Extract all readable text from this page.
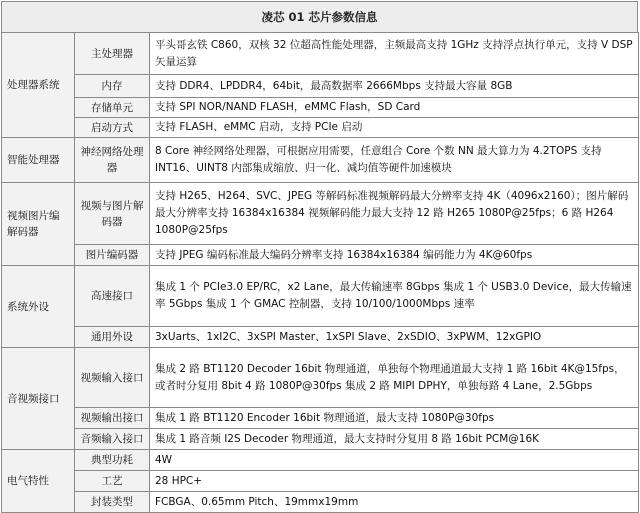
凌芯 01 芯片参数信息
处理器系统	主处理器	平头哥玄铁 C860，双核 32 位超高性能处理器，主频最高支持 1GHz 支持浮点执行单元，支持 V DSP 矢量运算
	内存	支持 DDR4、LPDDR4，64bit，最高数据率 2666Mbps 支持最大容量 8GB
	存储单元	支持 SPI NOR/NAND FLASH，eMMC Flash，SD Card
	启动方式	支持 FLASH、eMMC 启动，支持 PCIe 启动
智能处理器	神经网络处理器	8 Core 神经网络处理器，可根据应用需要，任意组合 Core 个数 NN 最大算力为 4.2TOPS 支持 INT16、UINT8 内部集成缩放、归一化、减均值等硬件加速模块
视频图片编解码器	视频与图片解码器	支持 H265、H264、SVC、JPEG 等解码标准视频解码最大分辨率支持 4K（4096x2160）；图片解码最大分辨率支持 16384x16384 视频解码能力最大支持 12 路 H265 1080P@25fps；6 路 H264 1080P@25fps
	图片编码器	支持 JPEG 编码标准最大编码分辨率支持 16384x16384 编码能力为 4K@60fps
系统外设	高速接口	集成 1 个 PCIe3.0 EP/RC，x2 Lane，最大传输速率 8Gbps 集成 1 个 USB3.0 Device，最大传输速率 5Gbps 集成 1 个 GMAC 控制器，支持 10/100/1000Mbps 速率
	通用外设	3xUarts、1xI2C、3xSPI Master、1xSPI Slave、2xSDIO、3xPWM、12xGPIO
音视频接口	视频输入接口	集成 2 路 BT1120 Decoder 16bit 物理通道，单独每个物理通道最大支持 1 路 16bit 4K@15fps，或者时分复用 8bit 4 路 1080P@30fps 集成 2 路 MIPI DPHY，单独每路 4 Lane，2.5Gbps
	视频输出接口	集成 1 路 BT1120 Encoder 16bit 物理通道，最大支持 1080P@30fps
	音频输入接口	集成 1 路音频 I2S Decoder 物理通道，最大支持时分复用 8 路 16bit PCM@16K
电气特性	典型功耗	4W
	工艺	28 HPC+
	封装类型	FCBGA、0.65mm Pitch、19mmx19mm
